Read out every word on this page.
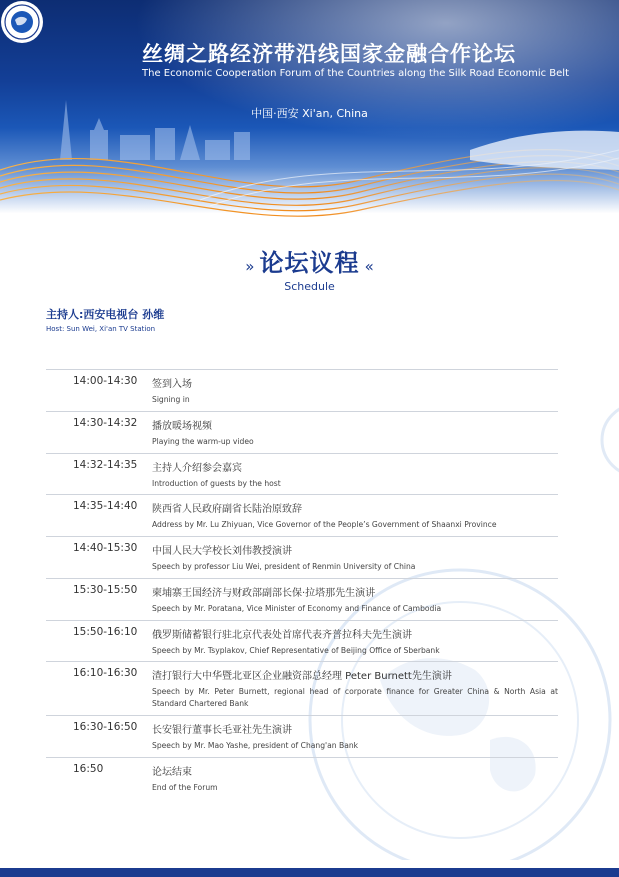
丝绸之路经济带沿线国家金融合作论坛
The Economic Cooperation Forum of the Countries along the Silk Road Economic Belt
中国·西安 Xi'an, China
» 论坛议程 «
Schedule
主持人:西安电视台 孙维
Host: Sun Wei, Xi'an TV Station
14:00-14:30	签到入场
Signing in
14:30-14:32	播放暖场视频
Playing the warm-up video
14:32-14:35	主持人介绍参会嘉宾
Introduction of guests by the host
14:35-14:40	陕西省人民政府副省长陆治原致辞
Address by Mr. Lu Zhiyuan, Vice Governor of the People’s Government of Shaanxi Province
14:40-15:30	中国人民大学校长刘伟教授演讲
Speech by professor Liu Wei, president of Renmin University of China
15:30-15:50	柬埔寨王国经济与财政部副部长保·拉塔那先生演讲
Speech by Mr. Poratana, Vice Minister of Economy and Finance of Cambodia
15:50-16:10	俄罗斯储蓄银行驻北京代表处首席代表齐普拉科夫先生演讲
Speech by Mr. Tsyplakov, Chief Representative of Beijing Office of Sberbank
16:10-16:30	渣打银行大中华暨北亚区企业融资部总经理 Peter Burnett先生演讲
Speech by Mr. Peter Burnett, regional head of corporate finance for Greater China & North Asia at Standard Chartered Bank
16:30-16:50	长安银行董事长毛亚社先生演讲
Speech by Mr. Mao Yashe, president of Chang'an Bank
16:50	论坛结束
End of the Forum
